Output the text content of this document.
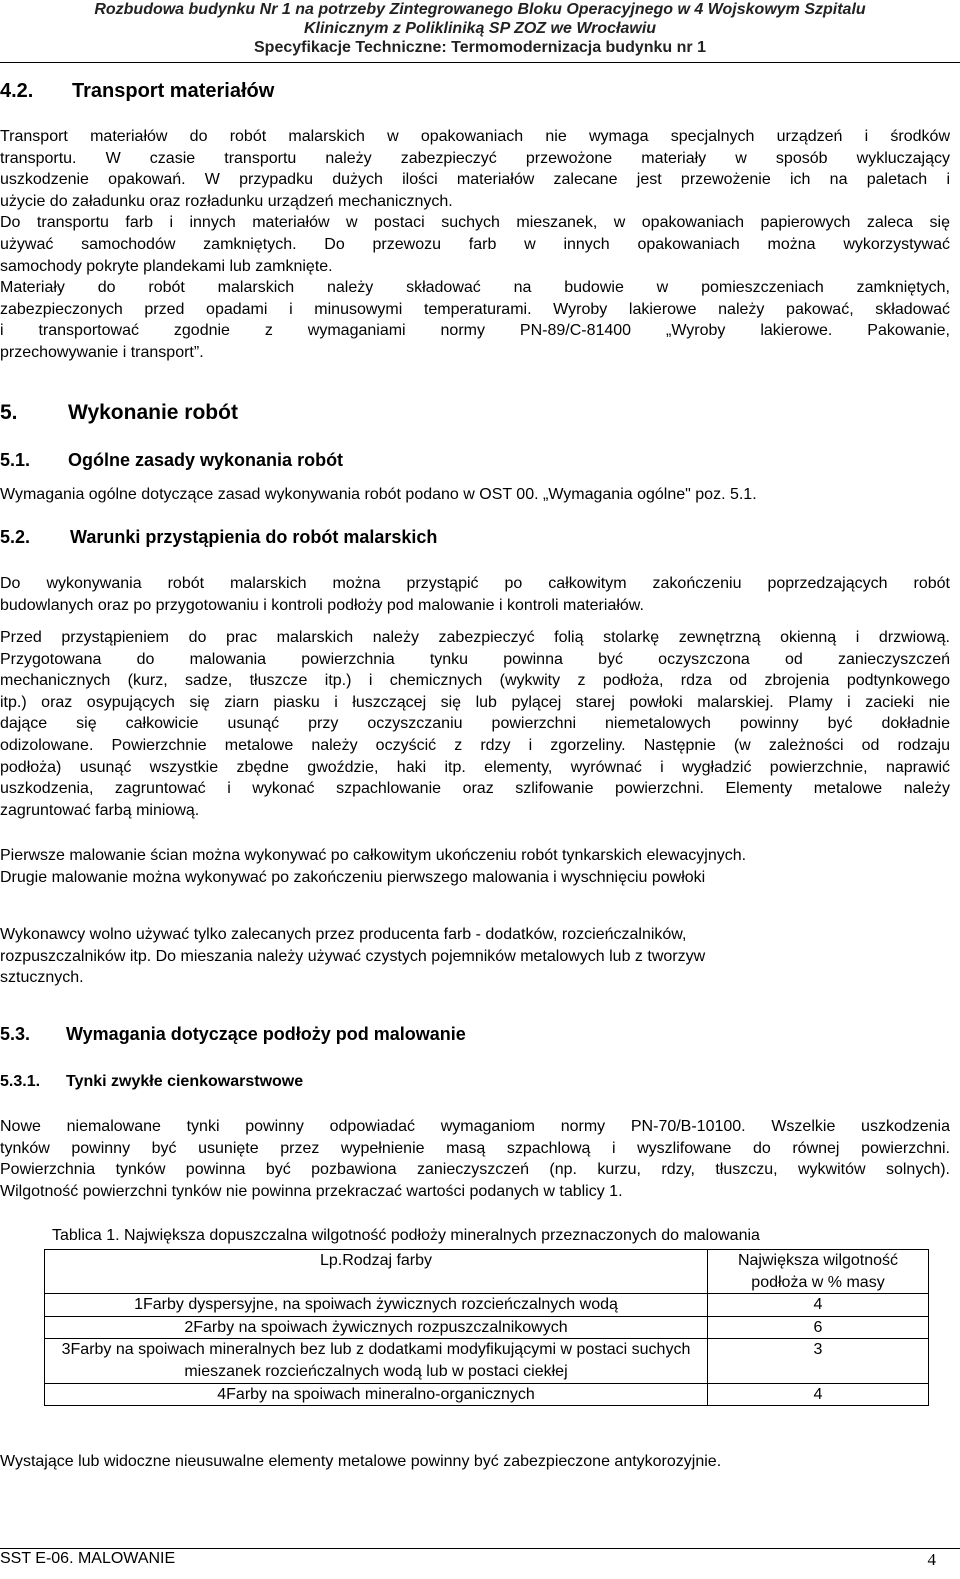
Rozbudowa budynku Nr 1 na potrzeby Zintegrowanego Bloku Operacyjnego w 4 Wojskowym Szpitalu
Klinicznym z Polikliniką SP ZOZ we Wrocławiu
Specyfikacje Techniczne: Termomodernizacja budynku nr 1
4.2. Transport materiałów
Transport materiałów do robót malarskich w opakowaniach nie wymaga specjalnych urządzeń i środków
transportu. W czasie transportu należy zabezpieczyć przewożone materiały w sposób wykluczający
uszkodzenie opakowań. W przypadku dużych ilości materiałów zalecane jest przewożenie ich na paletach i
użycie do załadunku oraz rozładunku urządzeń mechanicznych.
Do transportu farb i innych materiałów w postaci suchych mieszanek, w opakowaniach papierowych zaleca się
używać samochodów zamkniętych. Do przewozu farb w innych opakowaniach można wykorzystywać
samochody pokryte plandekami lub zamknięte.
Materiały do robót malarskich należy składować na budowie w pomieszczeniach zamkniętych,
zabezpieczonych przed opadami i minusowymi temperaturami. Wyroby lakierowe należy pakować, składować
i transportować zgodnie z wymaganiami normy PN-89/C-81400 „Wyroby lakierowe. Pakowanie,
przechowywanie i transport”.
5. Wykonanie robót
5.1. Ogólne zasady wykonania robót
Wymagania ogólne dotyczące zasad wykonywania robót podano w OST 00. „Wymagania ogólne" poz. 5.1.
5.2. Warunki przystąpienia do robót malarskich
Do wykonywania robót malarskich można przystąpić po całkowitym zakończeniu poprzedzających robót
budowlanych oraz po przygotowaniu i kontroli podłoży pod malowanie i kontroli materiałów.
Przed przystąpieniem do prac malarskich należy zabezpieczyć folią stolarkę zewnętrzną okienną i drzwiową.
Przygotowana do malowania powierzchnia tynku powinna być oczyszczona od zanieczyszczeń
mechanicznych (kurz, sadze, tłuszcze itp.) i chemicznych (wykwity z podłoża, rdza od zbrojenia podtynkowego
itp.) oraz osypujących się ziarn piasku i łuszczącej się lub pylącej starej powłoki malarskiej. Plamy i zacieki nie
dające się całkowicie usunąć przy oczyszczaniu powierzchni niemetalowych powinny być dokładnie
odizolowane. Powierzchnie metalowe należy oczyścić z rdzy i zgorzeliny. Następnie (w zależności od rodzaju
podłoża) usunąć wszystkie zbędne gwoździe, haki itp. elementy, wyrównać i wygładzić powierzchnie, naprawić
uszkodzenia, zagruntować i wykonać szpachlowanie oraz szlifowanie powierzchni. Elementy metalowe należy
zagruntować farbą miniową.
Pierwsze malowanie ścian można wykonywać po całkowitym ukończeniu robót tynkarskich elewacyjnych.
Drugie malowanie można wykonywać po zakończeniu pierwszego malowania i wyschnięciu powłoki
Wykonawcy wolno używać tylko zalecanych przez producenta farb - dodatków, rozcieńczalników,
rozpuszczalników itp. Do mieszania należy używać czystych pojemników metalowych lub z tworzyw
sztucznych.
5.3. Wymagania dotyczące podłoży pod malowanie
5.3.1. Tynki zwykłe cienkowarstwowe
Nowe niemalowane tynki powinny odpowiadać wymaganiom normy PN-70/B-10100. Wszelkie uszkodzenia
tynków powinny być usunięte przez wypełnienie masą szpachlową i wyszlifowane do równej powierzchni.
Powierzchnia tynków powinna być pozbawiona zanieczyszczeń (np. kurzu, rdzy, tłuszczu, wykwitów solnych).
Wilgotność powierzchni tynków nie powinna przekraczać wartości podanych w tablicy 1.
Tablica 1. Największa dopuszczalna wilgotność podłoży mineralnych przeznaczonych do malowania
Lp.Rodzaj farby	Największa wilgotność podłoża w % masy
1Farby dyspersyjne, na spoiwach żywicznych rozcieńczalnych wodą	4
2Farby na spoiwach żywicznych rozpuszczalnikowych	6
3Farby na spoiwach mineralnych bez lub z dodatkami modyfikującymi w postaci suchych mieszanek rozcieńczalnych wodą lub w postaci ciekłej	3
4Farby na spoiwach mineralno-organicznych	4
Wystające lub widoczne nieusuwalne elementy metalowe powinny być zabezpieczone antykorozyjnie.
SST E-06. MALOWANIE	4
